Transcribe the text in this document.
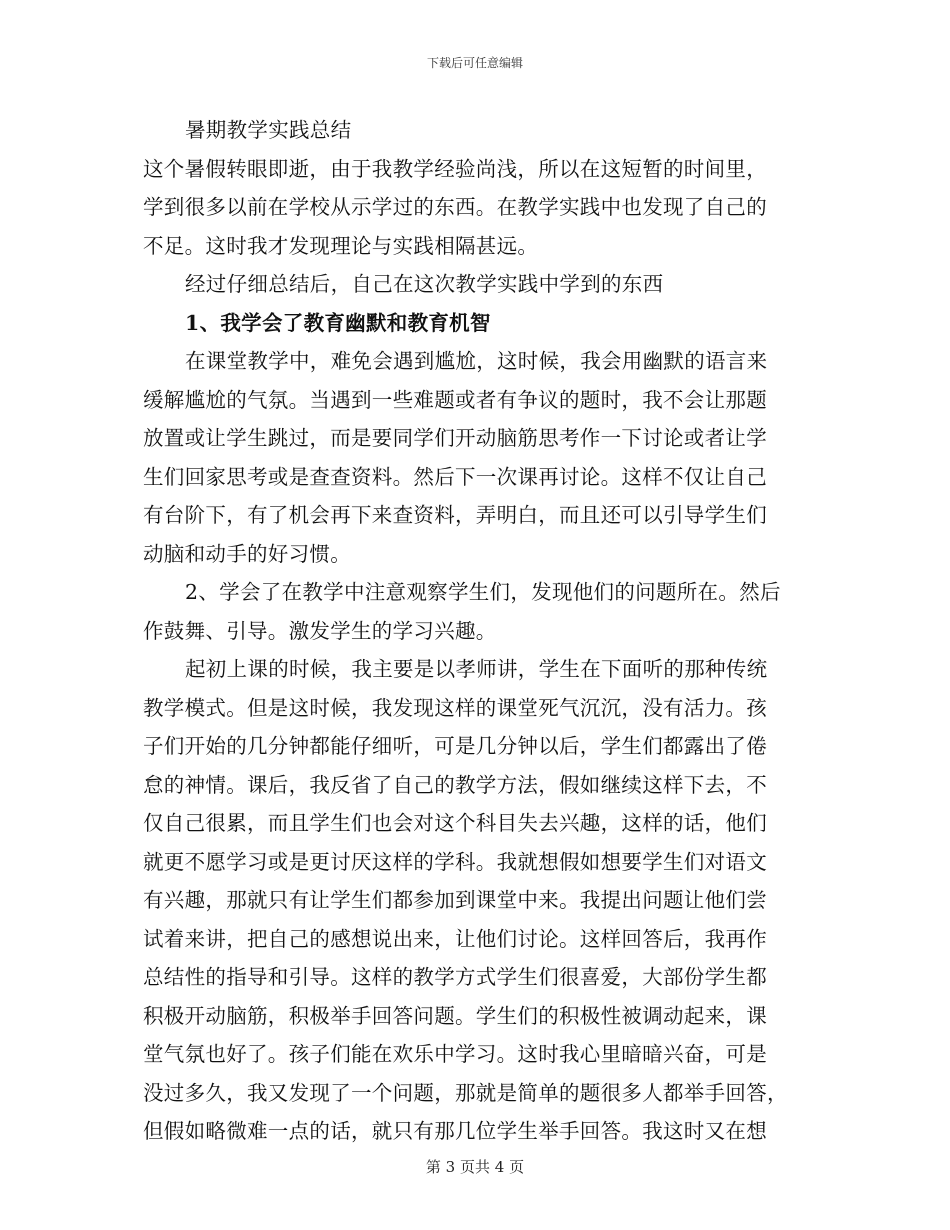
下载后可任意编辑
暑期教学实践总结
这个暑假转眼即逝，由于我教学经验尚浅，所以在这短暂的时间里，
学到很多以前在学校从示学过的东西。在教学实践中也发现了自己的
不足。这时我才发现理论与实践相隔甚远。
经过仔细总结后，自己在这次教学实践中学到的东西
1、我学会了教育幽默和教育机智
在课堂教学中，难免会遇到尴尬，这时候，我会用幽默的语言来
缓解尴尬的气氛。当遇到一些难题或者有争议的题时，我不会让那题
放置或让学生跳过，而是要同学们开动脑筋思考作一下讨论或者让学
生们回家思考或是查查资料。然后下一次课再讨论。这样不仅让自己
有台阶下，有了机会再下来查资料，弄明白，而且还可以引导学生们
动脑和动手的好习惯。
2、学会了在教学中注意观察学生们，发现他们的问题所在。然后
作鼓舞、引导。激发学生的学习兴趣。
起初上课的时候，我主要是以孝师讲，学生在下面听的那种传统
教学模式。但是这时候，我发现这样的课堂死气沉沉，没有活力。孩
子们开始的几分钟都能仔细听，可是几分钟以后，学生们都露出了倦
怠的神情。课后，我反省了自己的教学方法，假如继续这样下去，不
仅自己很累，而且学生们也会对这个科目失去兴趣，这样的话，他们
就更不愿学习或是更讨厌这样的学科。我就想假如想要学生们对语文
有兴趣，那就只有让学生们都参加到课堂中来。我提出问题让他们尝
试着来讲，把自己的感想说出来，让他们讨论。这样回答后，我再作
总结性的指导和引导。这样的教学方式学生们很喜爱，大部份学生都
积极开动脑筋，积极举手回答问题。学生们的积极性被调动起来，课
堂气氛也好了。孩子们能在欢乐中学习。这时我心里暗暗兴奋，可是
没过多久，我又发现了一个问题，那就是简单的题很多人都举手回答，
但假如略微难一点的话，就只有那几位学生举手回答。我这时又在想
第 3 页共 4 页
